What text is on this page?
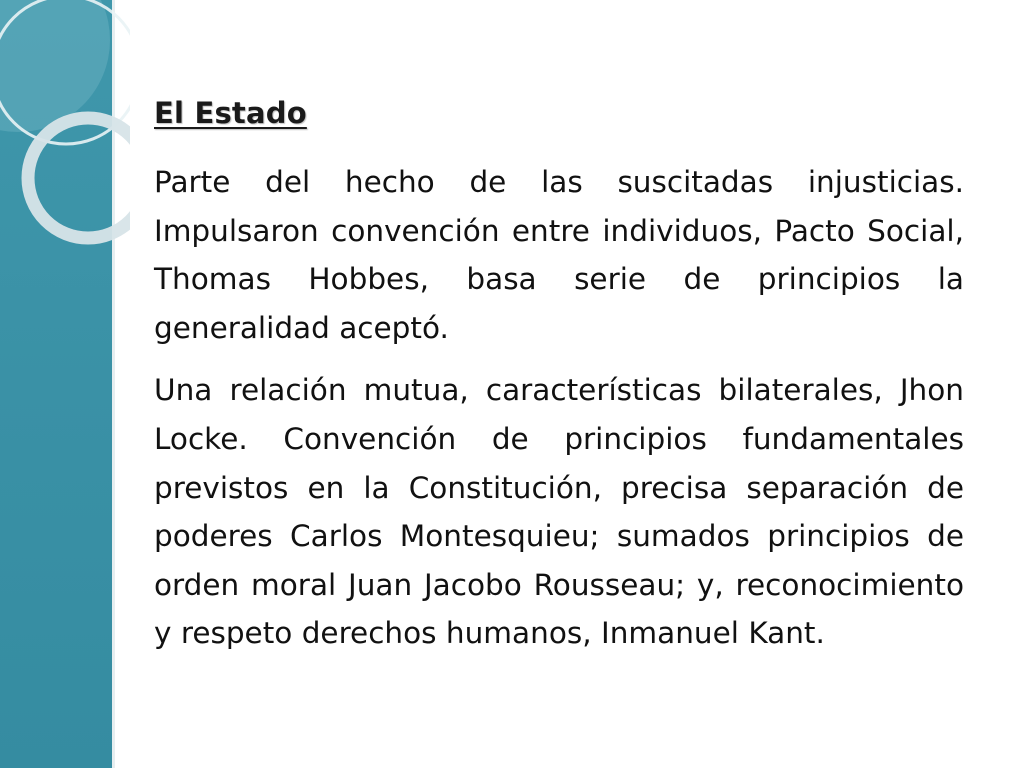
El Estado

Parte del hecho de las suscitadas injusticias. Impulsaron convención entre individuos, Pacto Social, Thomas Hobbes, basa serie de principios la generalidad aceptó.

Una relación mutua, características bilaterales, Jhon Locke. Convención de principios fundamentales previstos en la Constitución, precisa separación de poderes Carlos Montesquieu; sumados principios de orden moral Juan Jacobo Rousseau; y, reconocimiento y respeto derechos humanos, Inmanuel Kant.
